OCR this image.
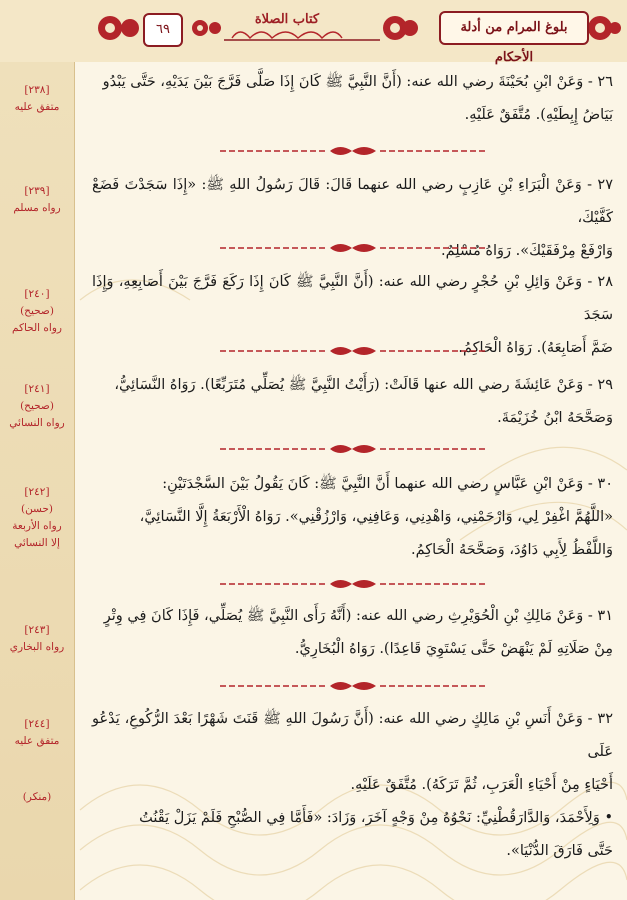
بلوغ المرام من أدلة الأحكام
كتاب الصلاة
٦٩
٢٦ - وَعَنْ ابْنِ بُحَيْنَةَ رضي الله عنه: (أَنَّ النَّبِيَّ ﷺ كَانَ إِذَا صَلَّى فَرَّجَ بَيْنَ يَدَيْهِ، حَتَّى يَبْدُو
بَيَاضُ إِبِطَيْهِ). مُتَّفَقٌ عَلَيْهِ.
[٢٣٨]
متفق عليه
٢٧ - وَعَنْ الْبَرَاءِ بْنِ عَازِبٍ رضي الله عنهما قَالَ: قَالَ رَسُولُ اللهِ ﷺ: «إِذَا سَجَدْتَ فَضَعْ كَفَّيْكَ،
وَارْفَعْ مِرْفَقَيْكَ». رَوَاهُ مُسْلِمٌ.
[٢٣٩]
رواه مسلم
٢٨ - وَعَنْ وَائِلِ بْنِ حُجْرٍ رضي الله عنه: (أَنَّ النَّبِيَّ ﷺ كَانَ إِذَا رَكَعَ فَرَّجَ بَيْنَ أَصَابِعِهِ، وَإِذَا سَجَدَ
ضَمَّ أَصَابِعَهُ). رَوَاهُ الْحَاكِمُ.
[٢٤٠]
(صحيح)
رواه الحاكم
٢٩ - وَعَنْ عَائِشَةَ رضي الله عنها قَالَتْ: (رَأَيْتُ النَّبِيَّ ﷺ يُصَلِّي مُتَرَبِّعًا). رَوَاهُ النَّسَائِيُّ،
وَصَحَّحَهُ ابْنُ خُزَيْمَةَ.
[٢٤١]
(صحيح)
رواه النسائي
٣٠ - وَعَنْ ابْنِ عَبَّاسٍ رضي الله عنهما أَنَّ النَّبِيَّ ﷺ: كَانَ يَقُولُ بَيْنَ السَّجْدَتَيْنِ:
«اللَّهُمَّ اغْفِرْ لِي، وَارْحَمْنِي، وَاهْدِنِي، وَعَافِنِي، وَارْزُقْنِي». رَوَاهُ الْأَرْبَعَةُ إِلَّا النَّسَائِيَّ،
وَاللَّفْظُ لِأَبِي دَاوُدَ، وَصَحَّحَهُ الْحَاكِمُ.
[٢٤٢]
(حسن)
رواه الأربعة
إلا النسائي
٣١ - وَعَنْ مَالِكِ بْنِ الْحُوَيْرِثِ رضي الله عنه: (أَنَّهُ رَأَى النَّبِيَّ ﷺ يُصَلِّي، فَإِذَا كَانَ فِي وِتْرٍ
مِنْ صَلَاتِهِ لَمْ يَنْهَضْ حَتَّى يَسْتَوِيَ قَاعِدًا). رَوَاهُ الْبُخَارِيُّ.
[٢٤٣]
رواه البخاري
٣٢ - وَعَنْ أَنَسِ بْنِ مَالِكٍ رضي الله عنه: (أَنَّ رَسُولَ اللهِ ﷺ قَنَتَ شَهْرًا بَعْدَ الرُّكُوعِ، يَدْعُو عَلَى
أَحْيَاءٍ مِنْ أَحْيَاءِ الْعَرَبِ، ثُمَّ تَرَكَهُ). مُتَّفَقٌ عَلَيْهِ.
• وَلِأَحْمَدَ، وَالدَّارَقُطْنِيِّ: نَحْوُهُ مِنْ وَجْهٍ آخَرَ، وَزَادَ: «فَأَمَّا فِي الصُّبْحِ فَلَمْ يَزَلْ يَقْنُتُ
حَتَّى فَارَقَ الدُّنْيَا».
[٢٤٤]
متفق عليه
(منكر)
